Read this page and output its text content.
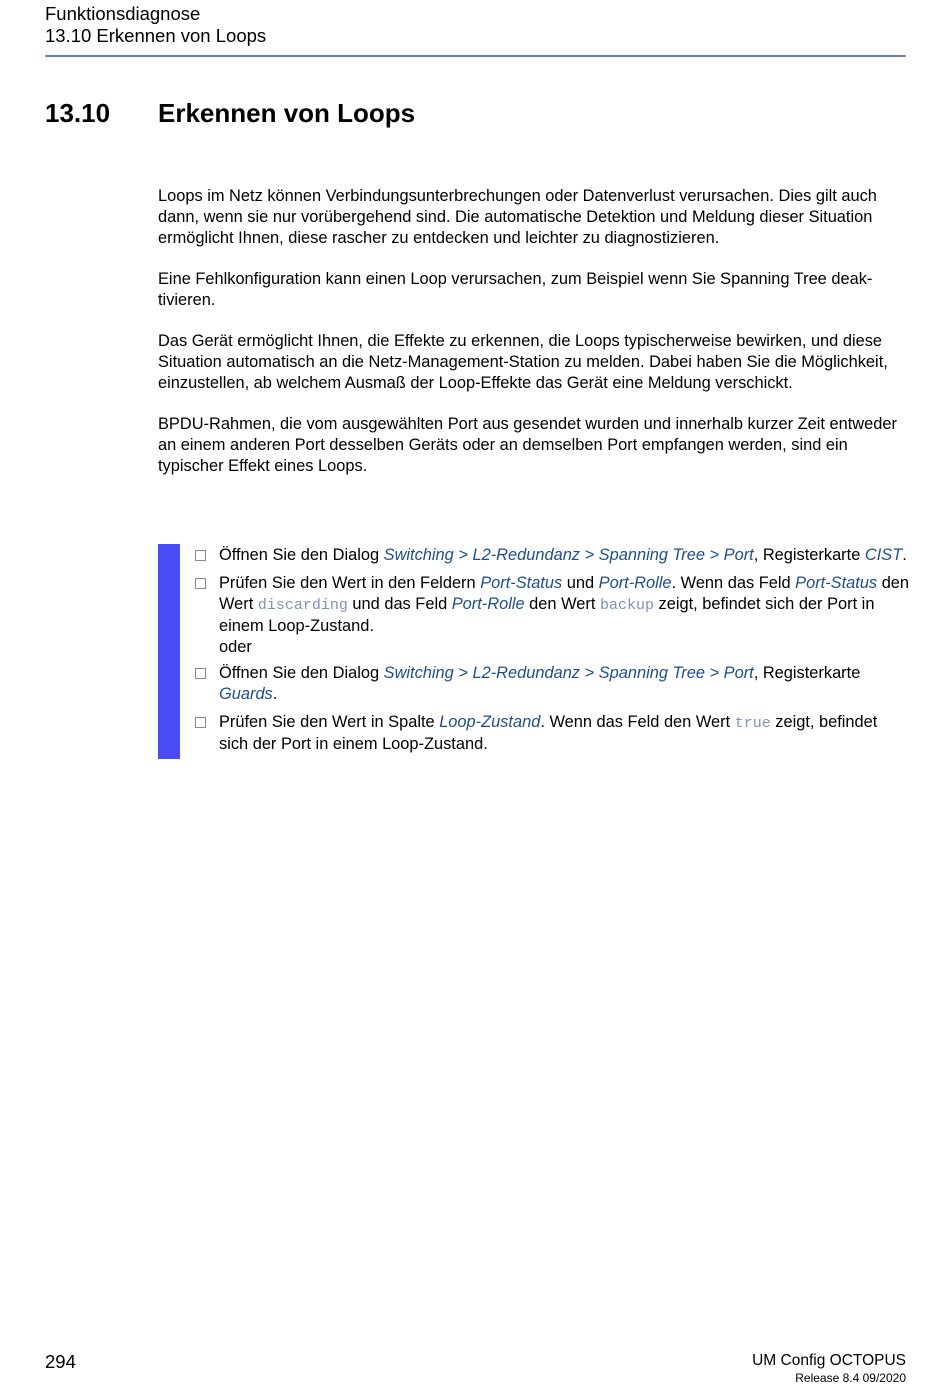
Funktionsdiagnose
13.10 Erkennen von Loops
13.10 Erkennen von Loops

Loops im Netz können Verbindungsunterbrechungen oder Datenverlust verursachen. Dies gilt auch dann, wenn sie nur vorübergehend sind. Die automatische Detektion und Meldung dieser Situation ermöglicht Ihnen, diese rascher zu entdecken und leichter zu diagnostizieren.

Eine Fehlkonfiguration kann einen Loop verursachen, zum Beispiel wenn Sie Spanning Tree deak-tivieren.

Das Gerät ermöglicht Ihnen, die Effekte zu erkennen, die Loops typischerweise bewirken, und diese Situation automatisch an die Netz-Management-Station zu melden. Dabei haben Sie die Möglichkeit, einzustellen, ab welchem Ausmaß der Loop-Effekte das Gerät eine Meldung verschickt.

BPDU-Rahmen, die vom ausgewählten Port aus gesendet wurden und innerhalb kurzer Zeit entweder an einem anderen Port desselben Geräts oder an demselben Port empfangen werden, sind ein typischer Effekt eines Loops.

Öffnen Sie den Dialog Switching > L2-Redundanz > Spanning Tree > Port, Registerkarte CIST.
Prüfen Sie den Wert in den Feldern Port-Status und Port-Rolle. Wenn das Feld Port-Status den Wert discarding und das Feld Port-Rolle den Wert backup zeigt, befindet sich der Port in einem Loop-Zustand.
oder
Öffnen Sie den Dialog Switching > L2-Redundanz > Spanning Tree > Port, Registerkarte Guards.
Prüfen Sie den Wert in Spalte Loop-Zustand. Wenn das Feld den Wert true zeigt, befindet sich der Port in einem Loop-Zustand.
294	UM Config OCTOPUS
Release 8.4 09/2020
